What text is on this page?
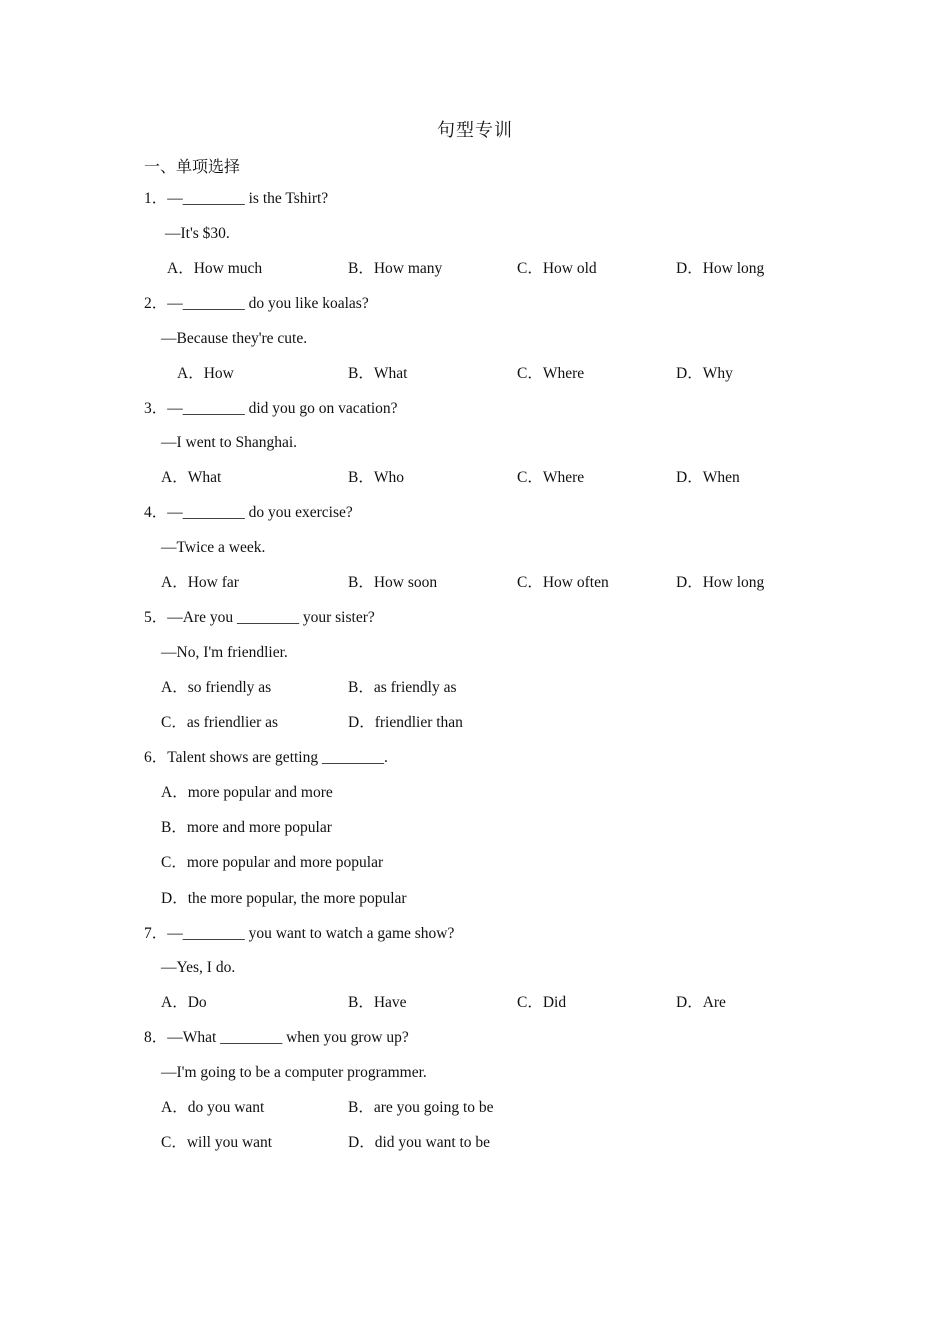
句型专训
一、单项选择
1．—________ is the Tshirt?
—It's $30.
A．How much	B．How many	C．How old	D．How long
2．—________ do you like koalas?
—Because they're cute.
A．How	B．What	C．Where	D．Why
3．—________ did you go on vacation?
—I went to Shanghai.
A．What	B．Who	C．Where	D．When
4．—________ do you exercise?
—Twice a week.
A．How far	B．How soon	C．How often	D．How long
5．—Are you ________ your sister?
—No, I'm friendlier.
A．so friendly as	B．as friendly as
C．as friendlier as	D．friendlier than
6．Talent shows are getting ________.
A．more popular and more
B．more and more popular
C．more popular and more popular
D．the more popular, the more popular
7．—________ you want to watch a game show?
—Yes, I do.
A．Do	B．Have	C．Did	D．Are
8．—What ________ when you grow up?
—I'm going to be a computer programmer.
A．do you want	B．are you going to be
C．will you want	D．did you want to be
